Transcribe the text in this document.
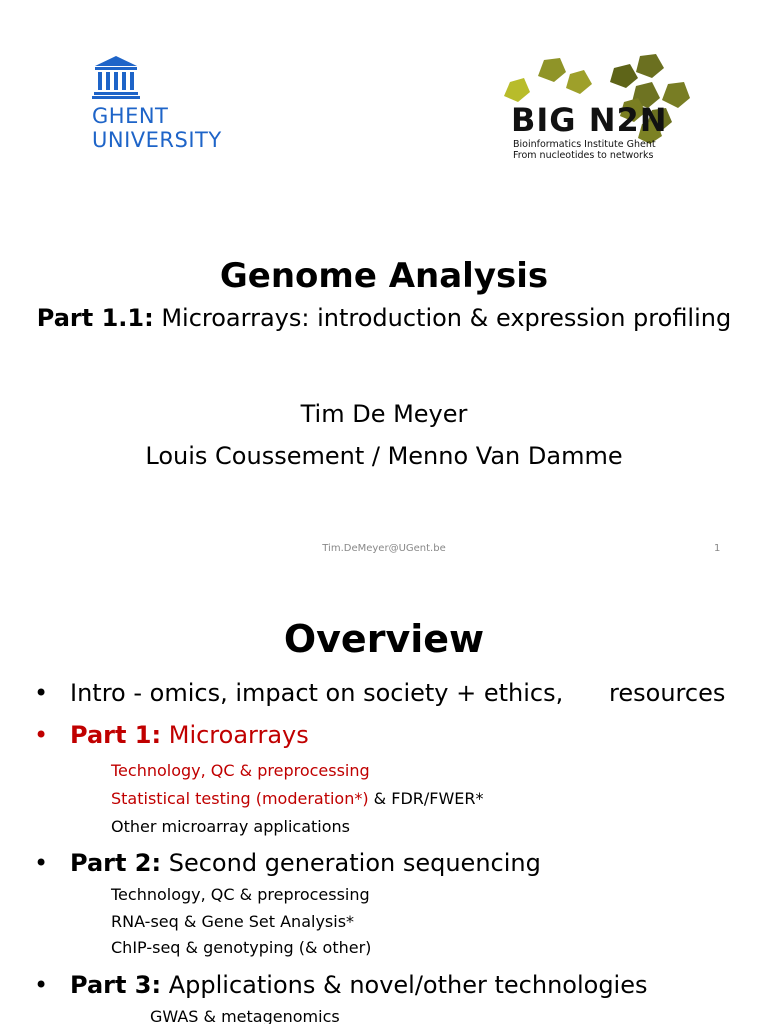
GHENT
UNIVERSITY
BIG N2N
Bioinformatics Institute Ghent
From nucleotides to networks
Genome Analysis
Part 1.1: Microarrays: introduction & expression profiling
Tim De Meyer
Louis Coussement / Menno Van Damme
Tim.DeMeyer@UGent.be	1
Overview
• Intro - omics, impact on society + ethics,      resources
• Part 1: Microarrays
Technology, QC & preprocessing
Statistical testing (moderation*) & FDR/FWER*
Other microarray applications
• Part 2: Second generation sequencing
Technology, QC & preprocessing
RNA-seq & Gene Set Analysis*
ChIP-seq & genotyping (& other)
• Part 3: Applications & novel/other technologies
GWAS & metagenomics
